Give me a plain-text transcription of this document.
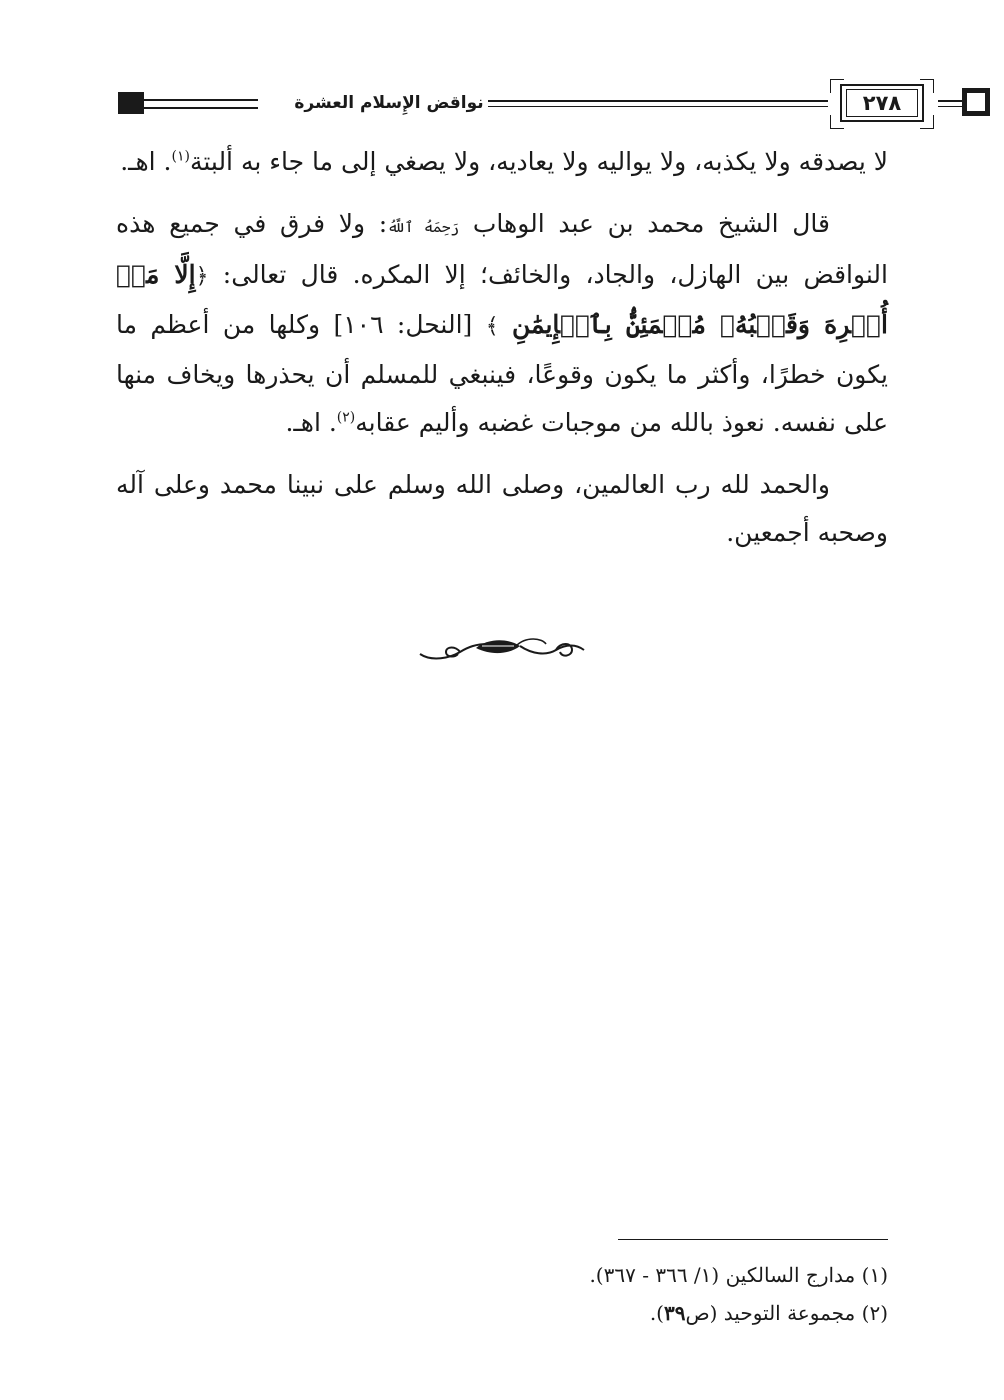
نواقض الإِسلام العشرة	٢٧٨

لا يصدقه ولا يكذبه، ولا يواليه ولا يعاديه، ولا يصغي إلى ما جاء به ألبتة$^{(١)}$. اهـ.

قال الشيخ محمد بن عبد الوهاب رَحِمَهُ ٱللَّهُ: ولا فرق في جميع هذه النواقض بين الهازل، والجاد، والخائف؛ إلا المكره. قال تعالى: ﴿إِلَّا مَنۡ أُكۡرِهَ وَقَلۡبُهُۥ مُطۡمَئِنُّۢ بِٱلۡإِيمَٰنِ ﴾ [النحل: ١٠٦] وكلها من أعظم ما يكون خطرًا، وأكثر ما يكون وقوعًا، فينبغي للمسلم أن يحذرها ويخاف منها على نفسه. نعوذ بالله من موجبات غضبه وأليم عقابه$^{(٢)}$. اهـ.

والحمد لله رب العالمين، وصلى الله وسلم على نبينا محمد وعلى آله وصحبه أجمعين.

(١) مدارج السالكين (١/ ٣٦٦ - ٣٦٧).

(٢) مجموعة التوحيد (ص٣٩).
